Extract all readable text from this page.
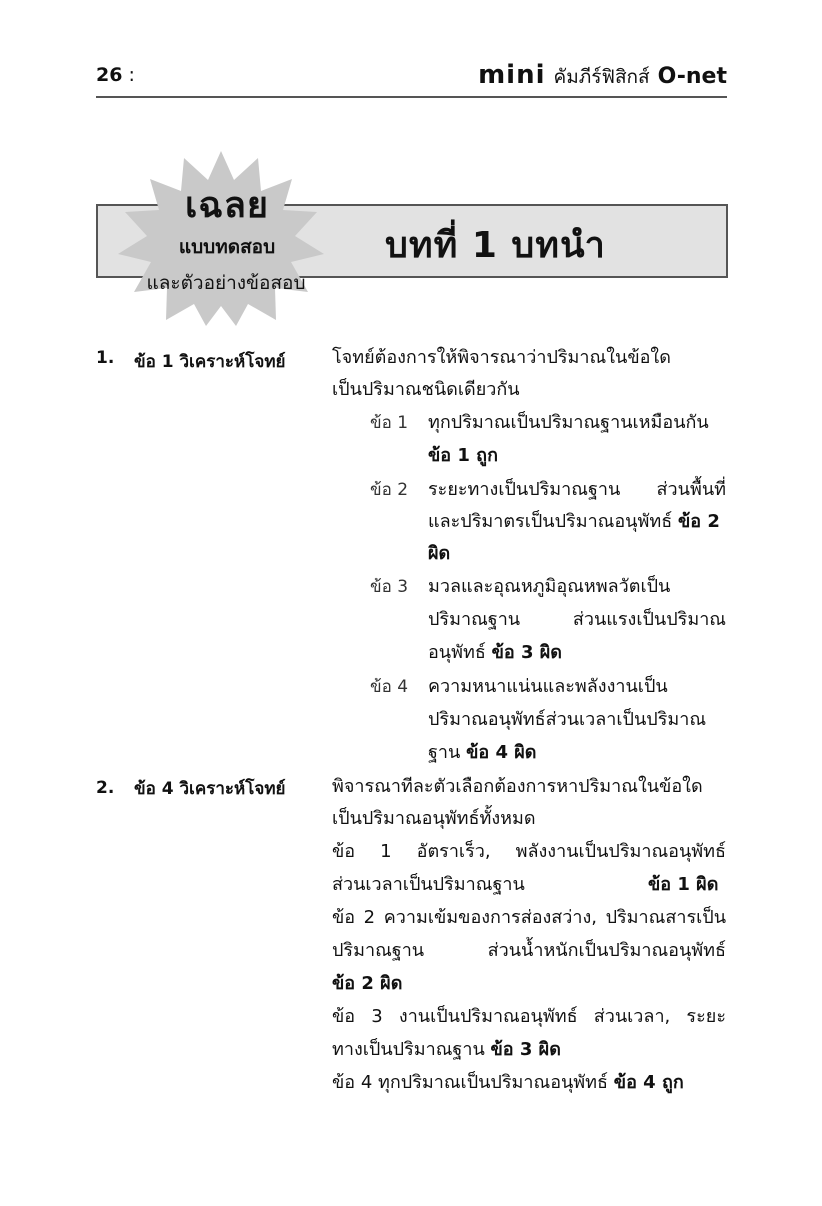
26 :	mini คัมภีร์ฟิสิกส์ O-net
เฉลย
แบบทดสอบ
และตัวอย่างข้อสอบ
บทที่ 1 บทนำ
1. ข้อ 1 วิเคราะห์โจทย์	โจทย์ต้องการให้พิจารณาว่าปริมาณในข้อใด
เป็นปริมาณชนิดเดียวกัน
ข้อ 1 ทุกปริมาณเป็นปริมาณฐานเหมือนกัน
ข้อ 1 ถูก
ข้อ 2 ระยะทางเป็นปริมาณฐาน ส่วนพื้นที่
และปริมาตรเป็นปริมาณอนุพัทธ์ ข้อ 2
ผิด
ข้อ 3 มวลและอุณหภูมิอุณหพลวัตเป็น
ปริมาณฐาน ส่วนแรงเป็นปริมาณ
อนุพัทธ์ ข้อ 3 ผิด
ข้อ 4 ความหนาแน่นและพลังงานเป็น
ปริมาณอนุพัทธ์ส่วนเวลาเป็นปริมาณ
ฐาน ข้อ 4 ผิด
2. ข้อ 4 วิเคราะห์โจทย์	พิจารณาทีละตัวเลือกต้องการหาปริมาณในข้อใด
เป็นปริมาณอนุพัทธ์ทั้งหมด
ข้อ 1 อัตราเร็ว, พลังงานเป็นปริมาณอนุพัทธ์
ส่วนเวลาเป็นปริมาณฐาน	ข้อ 1 ผิด
ข้อ 2 ความเข้มของการส่องสว่าง, ปริมาณสารเป็น
ปริมาณฐาน ส่วนน้ำหนักเป็นปริมาณอนุพัทธ์
ข้อ 2 ผิด
ข้อ 3 งานเป็นปริมาณอนุพัทธ์ ส่วนเวลา, ระยะ
ทางเป็นปริมาณฐาน ข้อ 3 ผิด
ข้อ 4 ทุกปริมาณเป็นปริมาณอนุพัทธ์ ข้อ 4 ถูก
